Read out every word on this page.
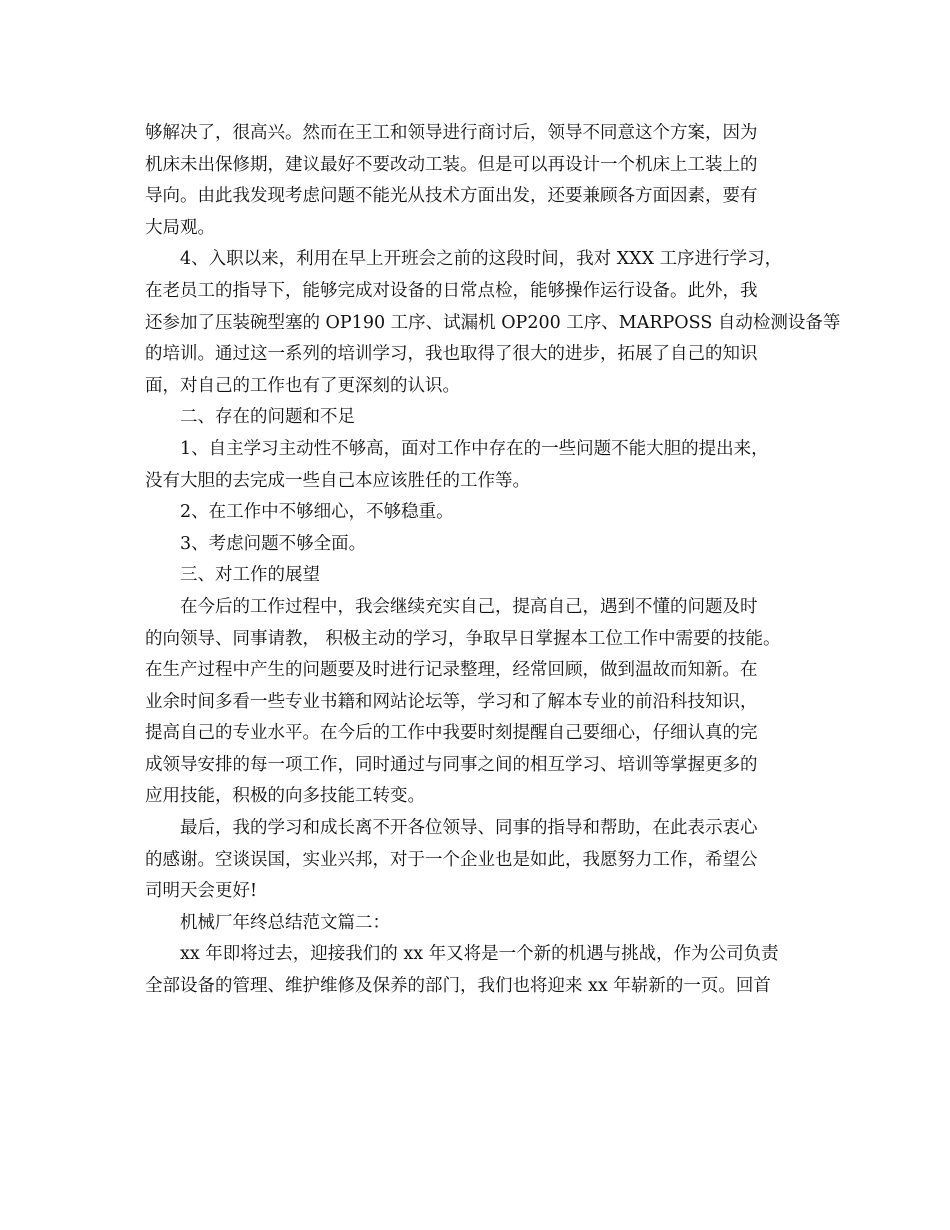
够解决了，很高兴。然而在王工和领导进行商讨后，领导不同意这个方案，因为
机床未出保修期，建议最好不要改动工装。但是可以再设计一个机床上工装上的
导向。由此我发现考虑问题不能光从技术方面出发，还要兼顾各方面因素，要有
大局观。
4、入职以来，利用在早上开班会之前的这段时间，我对 XXX 工序进行学习，
在老员工的指导下，能够完成对设备的日常点检，能够操作运行设备。此外，我
还参加了压装碗型塞的 OP190 工序、试漏机 OP200 工序、MARPOSS 自动检测设备等
的培训。通过这一系列的培训学习，我也取得了很大的进步，拓展了自己的知识
面，对自己的工作也有了更深刻的认识。
二、存在的问题和不足
1、自主学习主动性不够高，面对工作中存在的一些问题不能大胆的提出来，
没有大胆的去完成一些自己本应该胜任的工作等。
2、在工作中不够细心，不够稳重。
3、考虑问题不够全面。
三、对工作的展望
在今后的工作过程中，我会继续充实自己，提高自己，遇到不懂的问题及时
的向领导、同事请教， 积极主动的学习，争取早日掌握本工位工作中需要的技能。
在生产过程中产生的问题要及时进行记录整理，经常回顾，做到温故而知新。在
业余时间多看一些专业书籍和网站论坛等，学习和了解本专业的前沿科技知识，
提高自己的专业水平。在今后的工作中我要时刻提醒自己要细心，仔细认真的完
成领导安排的每一项工作，同时通过与同事之间的相互学习、培训等掌握更多的
应用技能，积极的向多技能工转变。
最后，我的学习和成长离不开各位领导、同事的指导和帮助，在此表示衷心
的感谢。空谈误国，实业兴邦，对于一个企业也是如此，我愿努力工作，希望公
司明天会更好!
机械厂年终总结范文篇二：
xx 年即将过去，迎接我们的 xx 年又将是一个新的机遇与挑战，作为公司负责
全部设备的管理、维护维修及保养的部门，我们也将迎来 xx 年崭新的一页。回首
